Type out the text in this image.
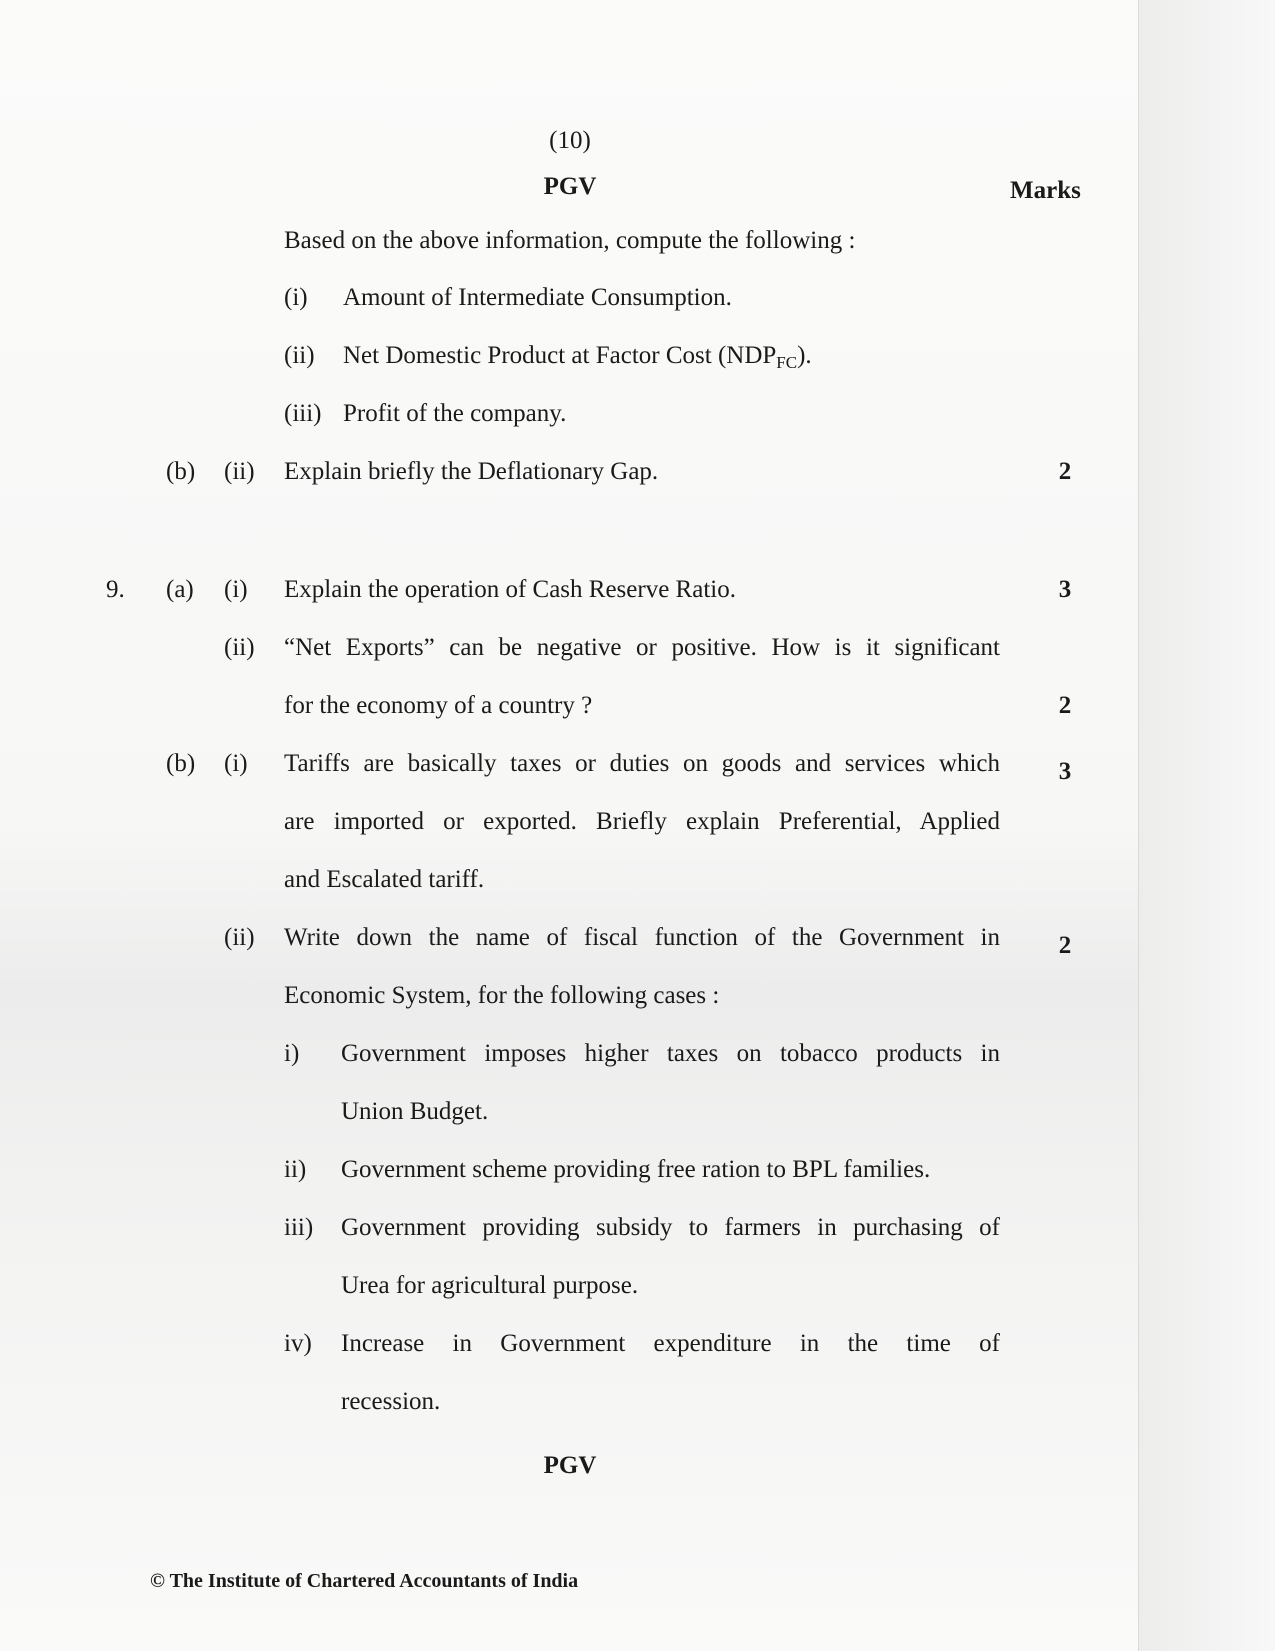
(10)
PGV	Marks
Based on the above information, compute the following :
(i) Amount of Intermediate Consumption.
(ii) Net Domestic Product at Factor Cost $(NDP_{FC})$.
(iii) Profit of the company.
(b) (ii) Explain briefly the Deflationary Gap.	2
9. (a) (i) Explain the operation of Cash Reserve Ratio.	3
(ii) “Net Exports” can be negative or positive. How is it significant
for the economy of a country ?	2
(b) (i) Tariffs are basically taxes or duties on goods and services which	3
are imported or exported. Briefly explain Preferential, Applied
and Escalated tariff.
(ii) Write down the name of fiscal function of the Government in	2
Economic System, for the following cases :
i) Government imposes higher taxes on tobacco products in
Union Budget.
ii) Government scheme providing free ration to BPL families.
iii) Government providing subsidy to farmers in purchasing of
Urea for agricultural purpose.
iv) Increase in Government expenditure in the time of
recession.
PGV
© The Institute of Chartered Accountants of India
